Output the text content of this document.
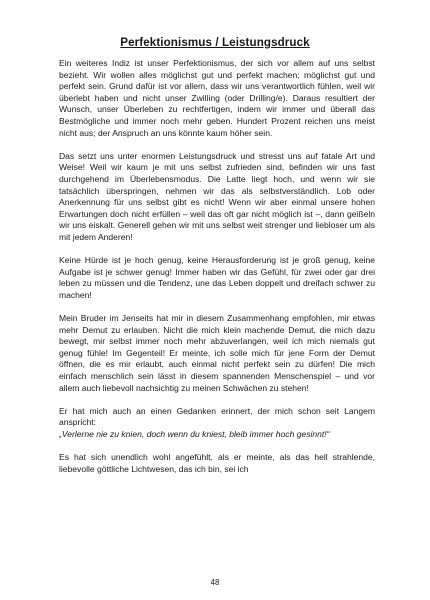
Perfektionismus / Leistungsdruck

Ein weiteres Indiz ist unser Perfektionismus, der sich vor allem auf uns selbst bezieht. Wir wollen alles möglichst gut und perfekt machen; möglichst gut und perfekt sein. Grund dafür ist vor allem, dass wir uns verantwortlich fühlen, weil wir überlebt haben und nicht unser Zwilling (oder Drilling/e). Daraus resultiert der Wunsch, unser Überleben zu rechtfertigen, indem wir immer und überall das Bestmögliche und immer noch mehr geben. Hundert Prozent reichen uns meist nicht aus; der Anspruch an uns könnte kaum höher sein.

Das setzt uns unter enormen Leistungsdruck und stresst uns auf fatale Art und Weise! Weil wir kaum je mit uns selbst zufrieden sind, befinden wir uns fast durchgehend im Überlebensmodus. Die Latte liegt hoch, und wenn wir sie tatsächlich überspringen, nehmen wir das als selbstverständlich. Lob oder Anerkennung für uns selbst gibt es nicht! Wenn wir aber einmal unsere hohen Erwartungen doch nicht erfüllen – weil das oft gar nicht möglich ist –, dann geißeln wir uns eiskalt. Generell gehen wir mit uns selbst weit strenger und liebloser um als mit jedem Anderen!

Keine Hürde ist je hoch genug, keine Herausforderung ist je groß genug, keine Aufgabe ist je schwer genug! Immer haben wir das Gefühl, für zwei oder gar drei leben zu müssen und die Tendenz, une das Leben doppelt und dreifach schwer zu machen!

Mein Bruder im Jenseits hat mir in diesem Zusammenhang empfohlen, mir etwas mehr Demut zu erlauben. Nicht die mich klein machende Demut, die mich dazu bewegt, mir selbst immer noch mehr abzuverlangen, weil ich mich niemals gut genug fühle! Im Gegenteil! Er meinte, ich solle mich für jene Form der Demut öffnen, die es mir erlaubt, auch einmal nicht perfekt sein zu dürfen! Die mich einfach menschlich sein lässt in diesem spannenden Menschenspiel – und vor allem auch liebevoll nachsichtig zu meinen Schwächen zu stehen!

Er hat mich auch an einen Gedanken erinnert, der mich schon seit Langem anspricht:

„Verlerne nie zu knien, doch wenn du kniest, bleib immer hoch gesinnt!“

Es hat sich unendlich wohl angefühlt, als er meinte, als das hell strahlende, liebevolle göttliche Lichtwesen, das ich bin, sei ich

48
